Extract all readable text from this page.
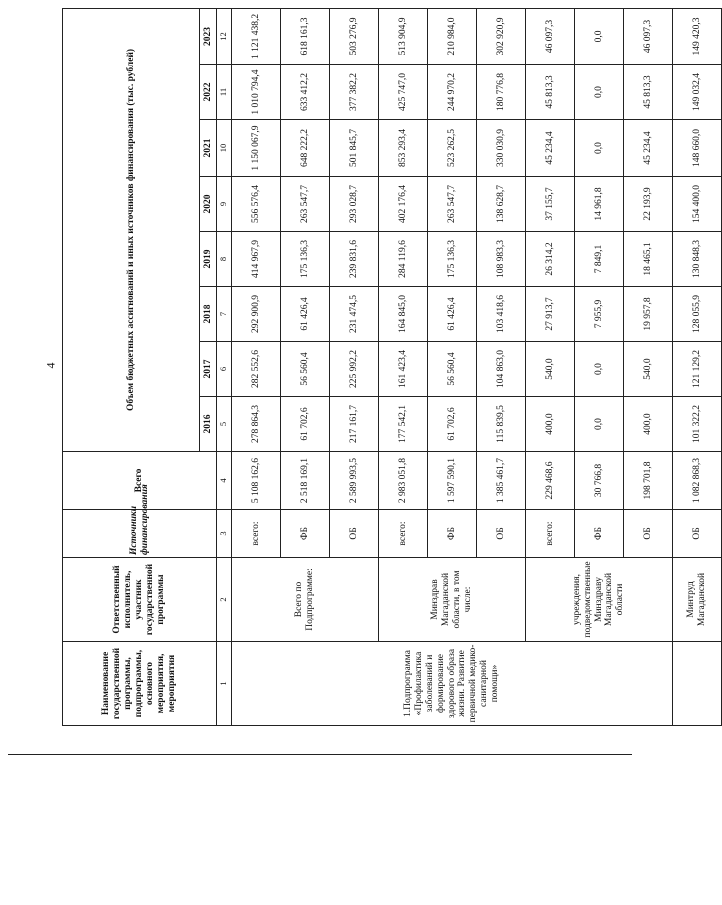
4
Наименование государственной программы, подпрограммы, основного мероприятия, мероприятия	Ответственный исполнитель, участник государственной программы	Источники финансирования	Всего	Объем бюджетных ассигнований и иных источников финансирования (тыс. рублей)							
				2016	2017	2018	2019	2020	2021	2022	2023
1	2	3	4	5	6	7	8	9	10	11	12
1.Подпрограмма «Профилактика заболеваний и формирование здорового образа жизни. Развитие первичной медико-санитарной помощи»	Всего по Подпрограмме:	всего:	5 108 162,6	278 864,3	282 552,6	292 900,9	414 967,9	556 576,4	1 150 067,9	1 010 794,4	1 121 438,2
		ФБ	2 518 169,1	61 702,6	56 560,4	61 426,4	175 136,3	263 547,7	648 222,2	633 412,2	618 161,3
		ОБ	2 589 993,5	217 161,7	225 992,2	231 474,5	239 831,6	293 028,7	501 845,7	377 382,2	503 276,9
	Минздрав Магаданской области, в том числе:	всего:	2 983 051,8	177 542,1	161 423,4	164 845,0	284 119,6	402 176,4	853 293,4	425 747,0	513 904,9
		ФБ	1 597 590,1	61 702,6	56 560,4	61 426,4	175 136,3	263 547,7	523 262,5	244 970,2	210 984,0
		ОБ	1 385 461,7	115 839,5	104 863,0	103 418,6	108 983,3	138 628,7	330 030,9	180 776,8	302 920,9
	учреждения, подведомственные Минздраву Магаданской области	всего:	229 468,6	400,0	540,0	27 913,7	26 314,2	37 155,7	45 234,4	45 813,3	46 097,3
		ФБ	30 766,8	0,0	0,0	7 955,9	7 849,1	14 961,8	0,0	0,0	0,0
		ОБ	198 701,8	400,0	540,0	19 957,8	18 465,1	22 193,9	45 234,4	45 813,3	46 097,3
	Минтруд Магаданской	ОБ	1 082 868,3	101 322,2	121 129,2	128 055,9	130 848,3	154 400,0	148 660,0	149 032,4	149 420,3
